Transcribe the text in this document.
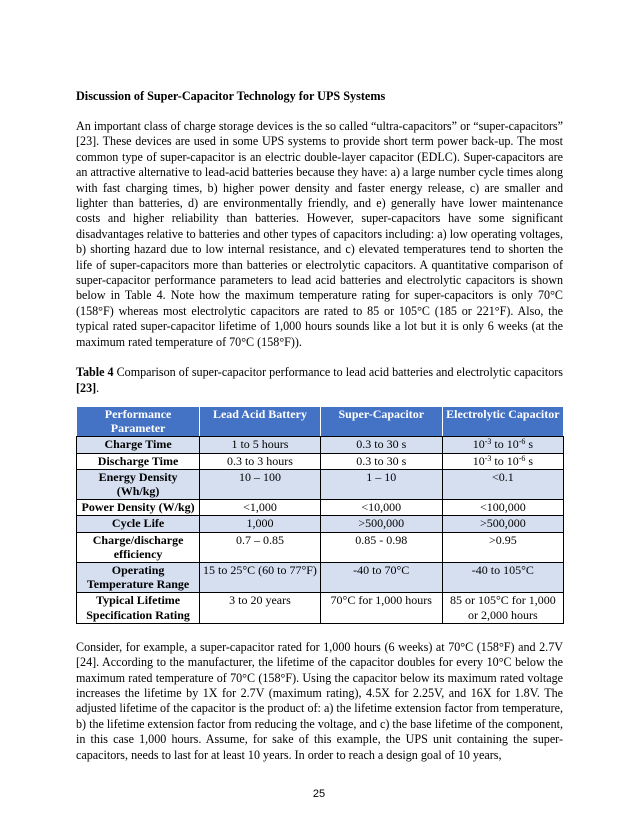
Discussion of Super-Capacitor Technology for UPS Systems

An important class of charge storage devices is the so called “ultra-capacitors” or “super-capacitors” [23]. These devices are used in some UPS systems to provide short term power back-up. The most common type of super-capacitor is an electric double-layer capacitor (EDLC). Super-capacitors are an attractive alternative to lead-acid batteries because they have: a) a large number cycle times along with fast charging times, b) higher power density and faster energy release, c) are smaller and lighter than batteries, d) are environmentally friendly, and e) generally have lower maintenance costs and higher reliability than batteries. However, super-capacitors have some significant disadvantages relative to batteries and other types of capacitors including: a) low operating voltages, b) shorting hazard due to low internal resistance, and c) elevated temperatures tend to shorten the life of super-capacitors more than batteries or electrolytic capacitors. A quantitative comparison of super-capacitor performance parameters to lead acid batteries and electrolytic capacitors is shown below in Table 4. Note how the maximum temperature rating for super-capacitors is only 70°C (158°F) whereas most electrolytic capacitors are rated to 85 or 105°C (185 or 221°F). Also, the typical rated super-capacitor lifetime of 1,000 hours sounds like a lot but it is only 6 weeks (at the maximum rated temperature of 70°C (158°F)).

Table 4 Comparison of super-capacitor performance to lead acid batteries and electrolytic capacitors [23].

Performance Parameter	Lead Acid Battery	Super-Capacitor	Electrolytic Capacitor
Charge Time	1 to 5 hours	0.3 to 30 s	$10^{-3}$ to $10^{-6}$ s
Discharge Time	0.3 to 3 hours	0.3 to 30 s	$10^{-3}$ to $10^{-6}$ s
Energy Density (Wh/kg)	10 – 100	1 – 10	<0.1
Power Density (W/kg)	<1,000	<10,000	<100,000
Cycle Life	1,000	>500,000	>500,000
Charge/discharge efficiency	0.7 – 0.85	0.85 - 0.98	>0.95
Operating Temperature Range	15 to 25°C (60 to 77°F)	-40 to 70°C	-40 to 105°C
Typical Lifetime Specification Rating	3 to 20 years	70°C for 1,000 hours	85 or 105°C for 1,000 or 2,000 hours

Consider, for example, a super-capacitor rated for 1,000 hours (6 weeks) at 70°C (158°F) and 2.7V [24]. According to the manufacturer, the lifetime of the capacitor doubles for every 10°C below the maximum rated temperature of 70°C (158°F). Using the capacitor below its maximum rated voltage increases the lifetime by 1X for 2.7V (maximum rating), 4.5X for 2.25V, and 16X for 1.8V. The adjusted lifetime of the capacitor is the product of: a) the lifetime extension factor from temperature, b) the lifetime extension factor from reducing the voltage, and c) the base lifetime of the component, in this case 1,000 hours. Assume, for sake of this example, the UPS unit containing the super-capacitors, needs to last for at least 10 years. In order to reach a design goal of 10 years,

25
